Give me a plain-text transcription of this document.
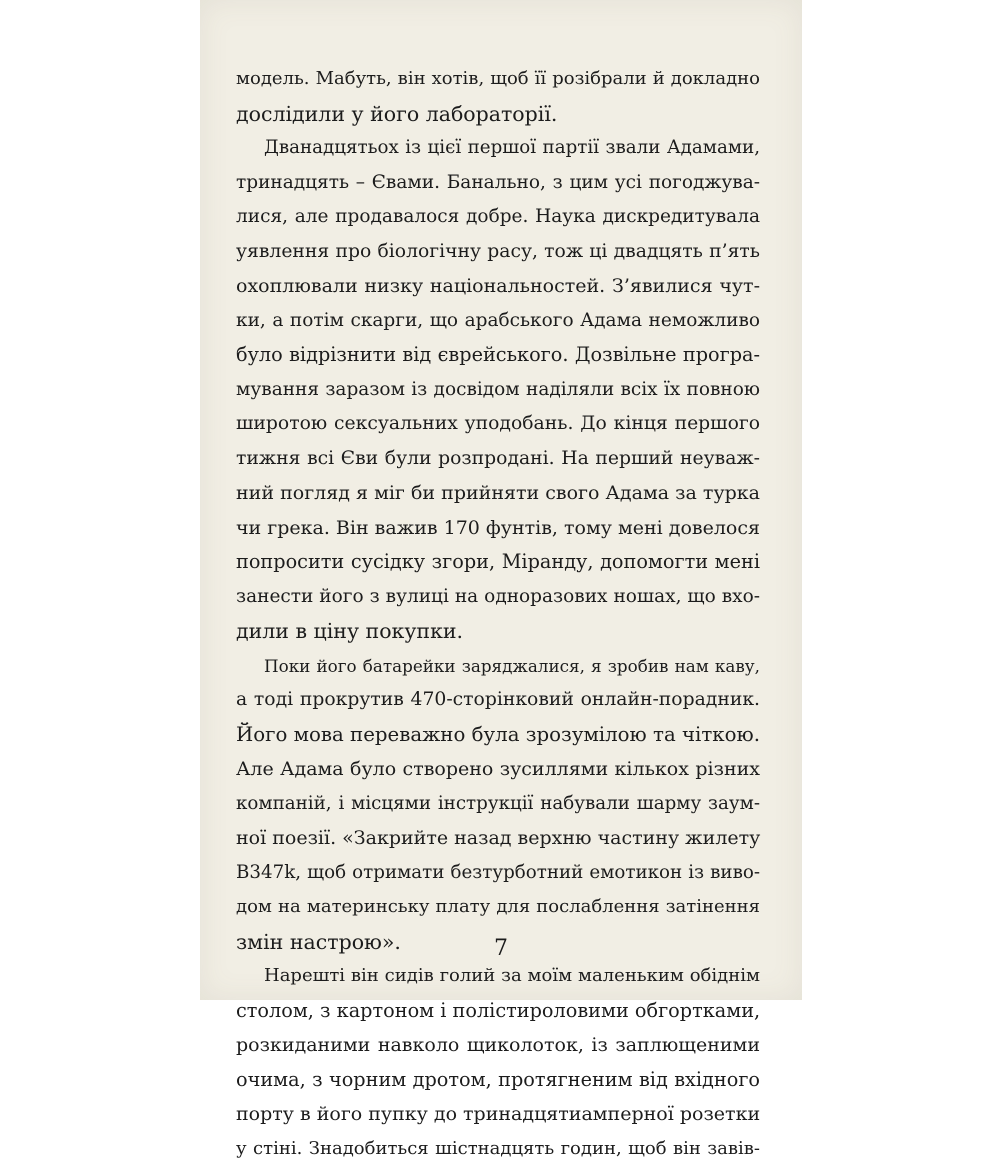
модель. Мабуть, він хотів, щоб її розібрали й докладно
дослідили у його лабораторії.
Дванадцятьох із цієї першої партії звали Адамами,
тринадцять – Євами. Банально, з цим усі погоджува-
лися, але продавалося добре. Наука дискредитувала
уявлення про біологічну расу, тож ці двадцять п’ять
охоплювали низку національностей. З’явилися чут-
ки, а потім скарги, що арабського Адама неможливо
було відрізнити від єврейського. Дозвільне програ-
мування заразом із досвідом наділяли всіх їх повною
широтою сексуальних уподобань. До кінця першого
тижня всі Єви були розпродані. На перший неуваж-
ний погляд я міг би прийняти свого Адама за турка
чи грека. Він важив 170 фунтів, тому мені довелося
попросити сусідку згори, Міранду, допомогти мені
занести його з вулиці на одноразових ношах, що вхо-
дили в ціну покупки.
Поки його батарейки заряджалися, я зробив нам каву,
а тоді прокрутив 470-сторінковий онлайн-порадник.
Його мова переважно була зрозумілою та чіткою.
Але Адама було створено зусиллями кількох різних
компаній, і місцями інструкції набували шарму заум-
ної поезії. «Закрийте назад верхню частину жилету
B347k, щоб отримати безтурботний емотикон із виво-
дом на материнську плату для послаблення затінення
змін настрою».
Нарешті він сидів голий за моїм маленьким обіднім
столом, з картоном і полістироловими обгортками,
розкиданими навколо щиколоток, із заплющеними
очима, з чорним дротом, протягненим від вхідного
порту в його пупку до тринадцятиамперної розетки
у стіні. Знадобиться шістнадцять годин, щоб він завів-
7
